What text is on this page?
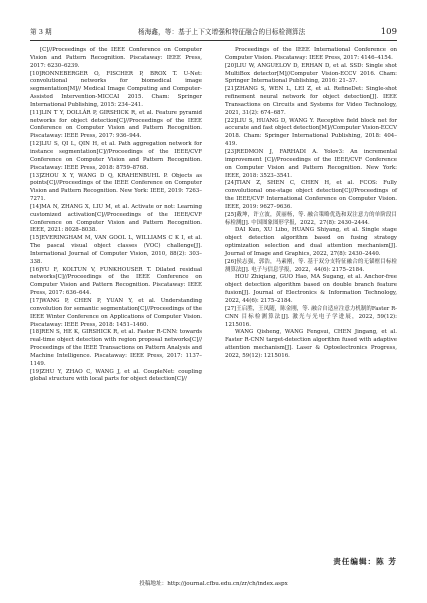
第 3 期	杨海鑫，等：基于上下文增强和特征融合的目标检测算法	109

[C]//Proceedings of the IEEE Conference on Computer Vision and Pattern Recognition. Piscataway: IEEE Press, 2017: 6230–6239.

[10]RONNEBERGER O, FISCHER P, BROX T. U-Net: convolutional networks for biomedical image segmentation[M]// Medical Image Computing and Computer-Assisted Intervention-MICCAI 2015. Cham: Springer International Publishing, 2015: 234–241.

[11]LIN T Y, DOLLÁR P, GIRSHICK R, et al. Feature pyramid networks for object detection[C]//Proceedings of the IEEE Conference on Computer Vision and Pattern Recognition. Piscataway: IEEE Press, 2017: 936–944.

[12]LIU S, QI L, QIN H, et al. Path aggregation network for instance segmentation[C]//Proceedings of the IEEE/CVF Conference on Computer Vision and Pattern Recognition. Piscataway: IEEE Press, 2018: 8759–8768.

[13]ZHOU X Y, WANG D Q, KRAHENBUHL P. Objects as points[C]//Proceedings of the IEEE Conference on Computer Vision and Pattern Recognition. New York: IEEE, 2019: 7263–7271.

[14]MA N, ZHANG X, LIU M, et al. Activate or not: Learning customized activation[C]//Proceedings of the IEEE/CVF Conference on Computer Vision and Pattern Recognition. IEEE, 2021: 8028–8038.

[15]EVERINGHAM M, VAN GOOL L, WILLIAMS C K I, et al. The pascal visual object classes (VOC) challenge[J]. International Journal of Computer Vision, 2010, 88(2): 303–338.

[16]YU F, KOLTUN V, FUNKHOUSER T. Dilated residual networks[C]//Proceedings of the IEEE Conference on Computer Vision and Pattern Recognition. Piscataway: IEEE Press, 2017: 636–644.

[17]WANG P, CHEN P, YUAN Y, et al. Understanding convolution for semantic segmentation[C]//Proceedings of the IEEE Winter Conference on Applications of Computer Vision. Piscataway: IEEE Press, 2018: 1451–1460.

[18]REN S, HE K, GIRSHICK R, et al. Faster R-CNN: towards real-time object detection with region proposal networks[C]// Proceedings of the IEEE Transactions on Pattern Analysis and Machine Intelligence. Piscataway: IEEE Press, 2017: 1137–1149.

[19]ZHU Y, ZHAO C, WANG J, et al. CoupleNet: coupling global structure with local parts for object detection[C]//

Proceedings of the IEEE International Conference on Computer Vision. Piscataway: IEEE Press, 2017: 4146–4154.

[20]LIU W, ANGUELOV D, ERHAN D, et al. SSD: Single shot MultiBox detector[M]//Computer Vision-ECCV 2016. Cham: Springer International Publishing, 2016: 21–37.

[21]ZHANG S, WEN L, LEI Z, et al. RefineDet: Single-shot refinement neural network for object detection[J]. IEEE Transactions on Circuits and Systems for Video Technology, 2021, 31(2): 674–687.

[22]LIU S, HUANG D, WANG Y. Receptive field block net for accurate and fast object detection[M]//Computer Vision-ECCV 2018. Cham: Springer International Publishing, 2018: 404–419.

[23]REDMON J, FARHADI A. Yolov3: An incremental improvement [C]//Proceedings of the IEEE/CVF Conference on Computer Vision and Pattern Recognition. New York: IEEE, 2018: 3523–3541.

[24]TIAN Z, SHEN C, CHEN H, et al. FCOS: Fully convolutional one-stage object detection[C]//Proceedings of the IEEE/CVF International Conference on Computer Vision. IEEE, 2019: 9627–9636.

[25]戴坤，许立波，黄丽杨，等. 融合策略优选和双注意力的单阶段目标检测[J]. 中国图象图形学报，2022，27(8): 2430–2444.

DAI Kun, XU Libo, HUANG Shiyang, et al. Single stage object detection algorithm based on fusing strategy optimization selection and dual attention mechanism[J]. Journal of Image and Graphics, 2022, 27(8): 2430–2440.

[26]侯志强，郭浩，马素刚，等. 基于双分支特征融合的无锚框目标检测算法[J]. 电子与信息学报，2022，44(6): 2175–2184.

HOU Zhiqiang, GUO Hao, MA Sugang, et al. Anchor-free object detection algorithm based on double branch feature fusion[J]. Journal of Electronics & Information Technology, 2022, 44(6): 2175–2184.

[27]王启胜，王凤随，陈金刚，等. 融合自适应注意力机制的Faster R-CNN 目标检测算法[J]. 激光与光电子学进展，2022, 59(12): 1215016.

WANG Qisheng, WANG Fengsui, CHEN Jingang, et al. Faster R-CNN target-detection algorithm fused with adaptive attention mechanism[J]. Laser & Optoelectronics Progress, 2022, 59(12): 1215016.

责任编辑：陈 芳
投稿地址：http://journal.cfbu.edu.cn/zr/ch/index.aspx
